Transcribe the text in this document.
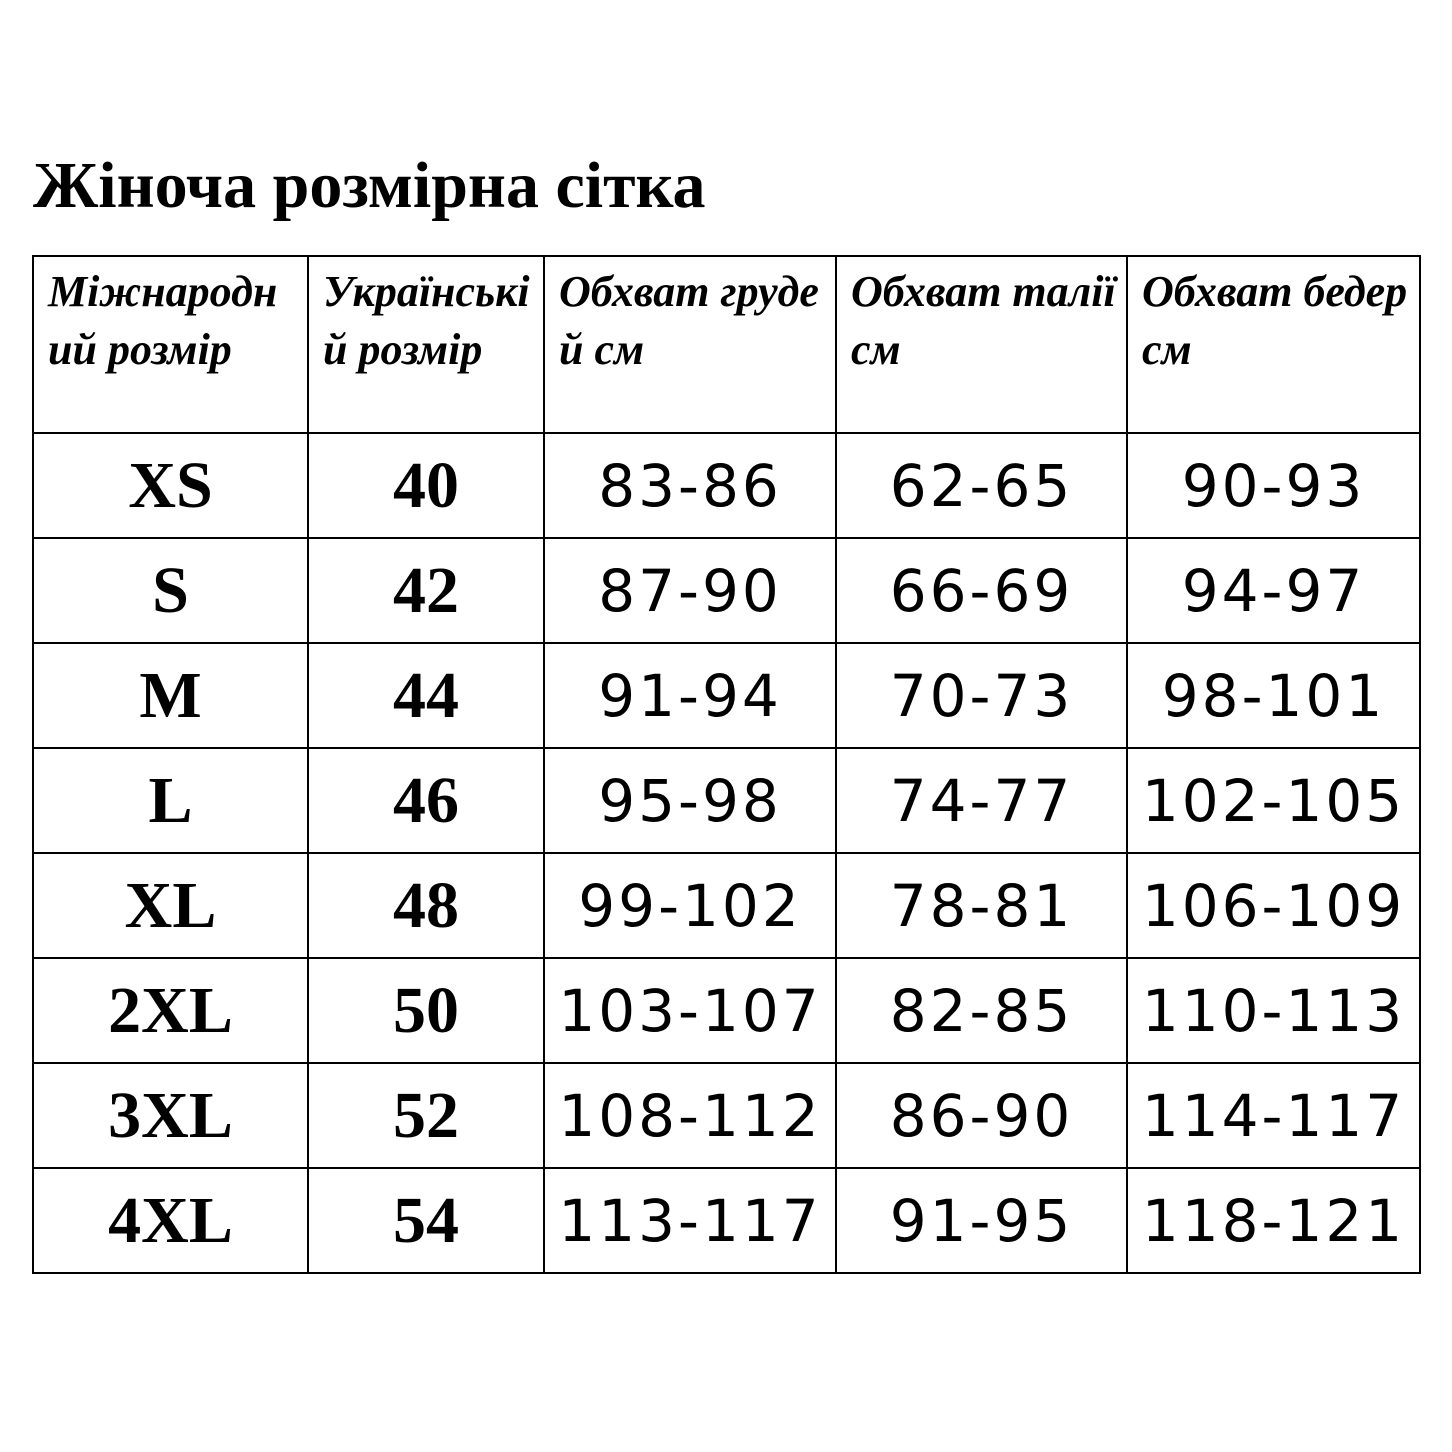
Жіноча розмірна сітка
Міжнародний розмір	Українській розмір	Обхват грудей см	Обхват талії см	Обхват бедер см

XS	40	83-86	62-65	90-93
S	42	87-90	66-69	94-97
M	44	91-94	70-73	98-101
L	46	95-98	74-77	102-105
XL	48	99-102	78-81	106-109
2XL	50	103-107	82-85	110-113
3XL	52	108-112	86-90	114-117
4XL	54	113-117	91-95	118-121
